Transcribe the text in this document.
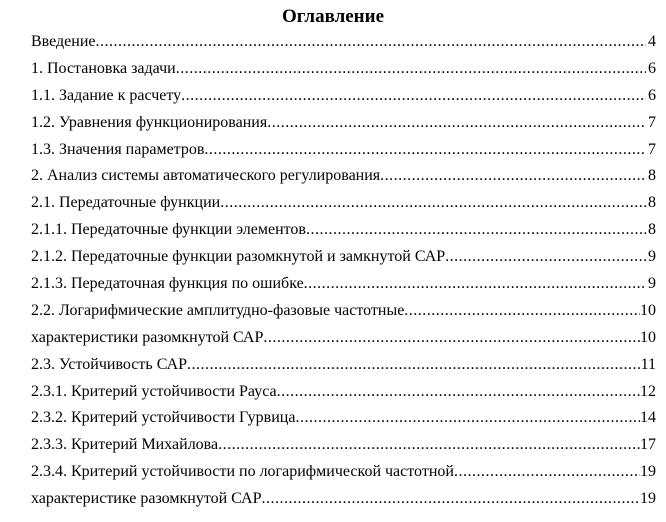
Оглавление
Введение .....	4
1. Постановка задачи .....	6
1.1. Задание к расчету .....	6
1.2. Уравнения функционирования .....	7
1.3. Значения параметров .....	7
2. Анализ системы автоматического регулирования .....	8
2.1. Передаточные функции .....	8
2.1.1. Передаточные функции элементов .....	8
2.1.2. Передаточные функции разомкнутой и замкнутой САР .....	9
2.1.3. Передаточная функция по ошибке .....	9
2.2. Логарифмические амплитудно-фазовые частотные .....	10
характеристики разомкнутой САР .....	10
2.3. Устойчивость САР .....	11
2.3.1. Критерий устойчивости Рауса .....	12
2.3.2. Критерий устойчивости Гурвица .....	14
2.3.3. Критерий Михайлова .....	17
2.3.4. Критерий устойчивости по логарифмической частотной .....	19
характеристике разомкнутой САР .....	19
